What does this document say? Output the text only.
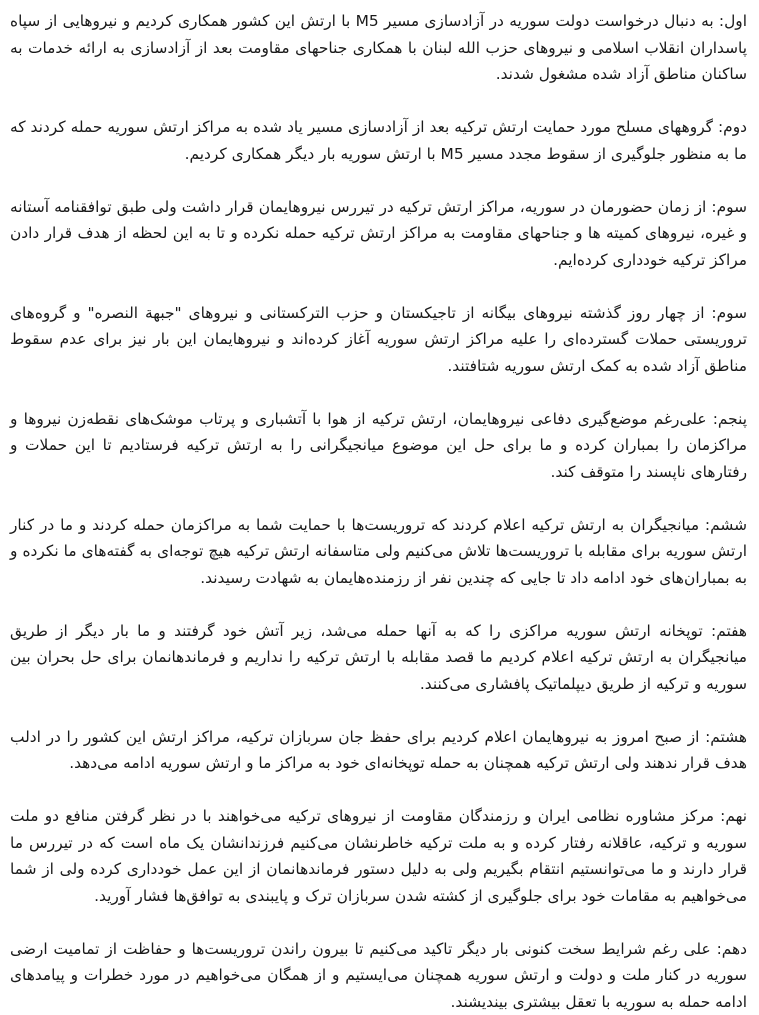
اول: به دنبال درخواست دولت سوریه در آزادسازی مسیر M5 با ارتش این کشور همکاری کردیم و نیروهایی از سپاه پاسداران انقلاب اسلامی و نیروهای حزب الله لبنان با همکاری جناحهای مقاومت بعد از آزادسازی به ارائه خدمات به ساکنان مناطق آزاد شده مشغول شدند.

دوم: گروههای مسلح مورد حمایت ارتش ترکیه بعد از آزادسازی مسیر یاد شده به مراکز ارتش سوریه حمله کردند که ما به منظور جلوگیری از سقوط مجدد مسیر M5 با ارتش سوریه بار دیگر همکاری کردیم.

سوم: از زمان حضورمان در سوریه، مراکز ارتش ترکیه در تیررس نیروهایمان قرار داشت ولی طبق توافقنامه آستانه و غیره، نیروهای کمیته ها و جناحهای مقاومت به مراکز ارتش ترکیه حمله نکرده و تا به این لحظه از هدف قرار دادن مراکز ترکیه خودداری کرده‌ایم.

سوم: از چهار روز گذشته نیروهای بیگانه از تاجیکستان و حزب الترکستانی و نیروهای "جبهة النصره" و گروه‌های تروریستی حملات گسترده‌ای را علیه مراکز ارتش سوریه آغاز کرده‌اند و نیروهایمان این بار نیز برای عدم سقوط مناطق آزاد شده به کمک ارتش سوریه شتافتند.

پنجم: علی‌رغم موضع‌گیری دفاعی نیروهایمان، ارتش ترکیه از هوا با آتشباری و پرتاب موشک‌های نقطه‌زن نیروها و مراکزمان را بمباران کرده و ما برای حل این موضوع میانجیگرانی را به ارتش ترکیه فرستادیم تا این حملات و رفتارهای ناپسند را متوقف کند.

ششم: میانجیگران به ارتش ترکیه اعلام کردند که تروریست‌ها با حمایت شما به مراکزمان حمله کردند و ما در کنار ارتش سوریه برای مقابله با تروریست‌ها تلاش می‌کنیم ولی متاسفانه ارتش ترکیه هیچ توجه‌ای به گفته‌های ما نکرده و به بمباران‌های خود ادامه داد تا جایی که چندین نفر از رزمنده‌هایمان به شهادت رسیدند.

هفتم: توپخانه ارتش سوریه مراکزی را که به آنها حمله می‌شد، زیر آتش خود گرفتند و ما بار دیگر از طریق میانجیگران به ارتش ترکیه اعلام کردیم ما قصد مقابله با ارتش ترکیه را نداریم و فرماندهانمان برای حل بحران بین سوریه و ترکیه از طریق دیپلماتیک پافشاری می‌کنند.

هشتم: از صبح امروز به نیروهایمان اعلام کردیم برای حفظ جان سربازان ترکیه، مراکز ارتش این کشور را در ادلب هدف قرار ندهند ولی ارتش ترکیه همچنان به حمله توپخانه‌ای خود به مراکز ما و ارتش سوریه ادامه می‌دهد.

نهم: مرکز مشاوره نظامی ایران و رزمندگان مقاومت از نیروهای ترکیه می‌خواهند با در نظر گرفتن منافع دو ملت سوریه و ترکیه، عاقلانه رفتار کرده و به ملت ترکیه خاطرنشان می‌کنیم فرزندانشان یک ماه است که در تیررس ما قرار دارند و ما می‌توانستیم انتقام بگیریم ولی به دلیل دستور فرماندهانمان از این عمل خودداری کرده ولی از شما می‌خواهیم به مقامات خود برای جلوگیری از کشته شدن سربازان ترک و پایبندی به توافق‌ها فشار آورید.

دهم: علی رغم شرایط سخت کنونی بار دیگر تاکید می‌کنیم تا بیرون راندن تروریست‌ها و حفاظت از تمامیت ارضی سوریه در کنار ملت و دولت و ارتش سوریه همچنان می‌ایستیم و از همگان می‌خواهیم در مورد خطرات و پیامدهای ادامه حمله به سوریه با تعقل بیشتری بیندیشند.
